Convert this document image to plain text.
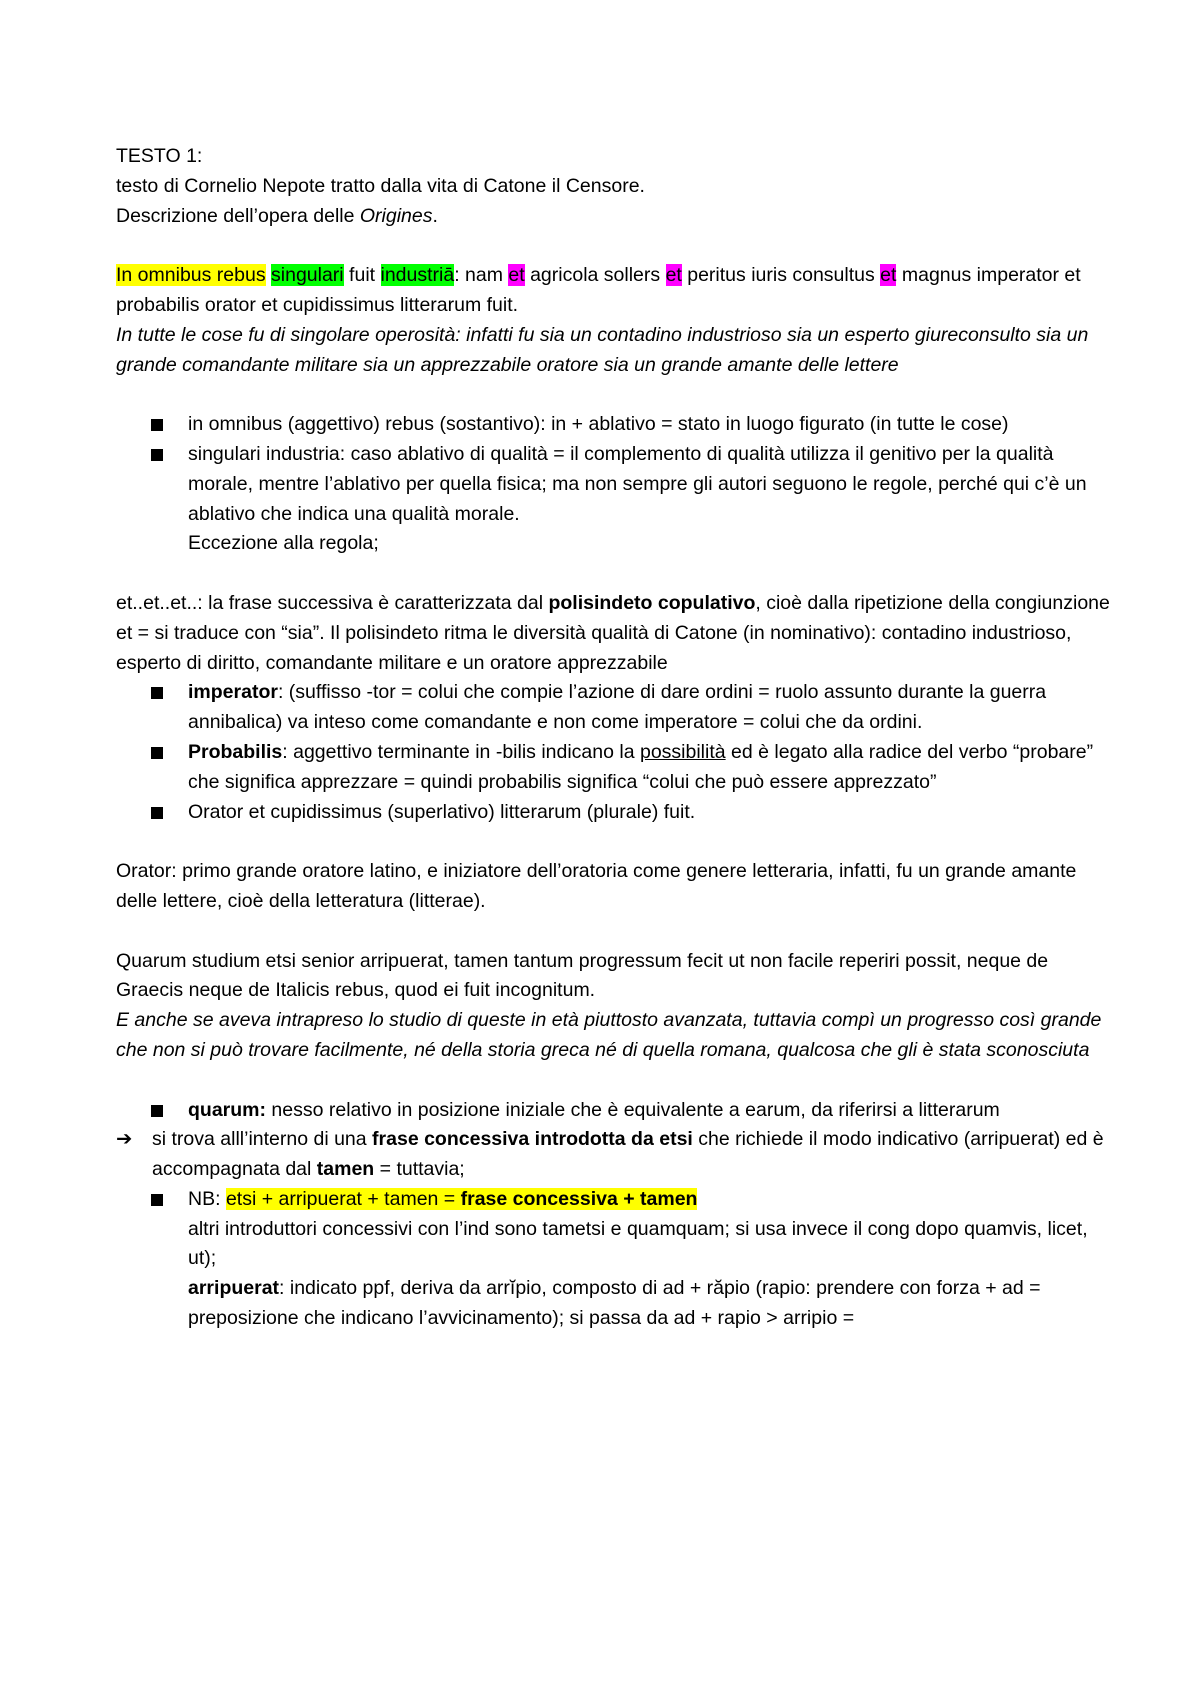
TESTO 1:

testo di Cornelio Nepote tratto dalla vita di Catone il Censore.

Descrizione dell’opera delle Origines.

In omnibus rebus singulari fuit industriā: nam et agricola sollers et peritus iuris consultus et magnus imperator et probabilis orator et cupidissimus litterarum fuit.

In tutte le cose fu di singolare operosità: infatti fu sia un contadino industrioso sia un esperto giureconsulto sia un grande comandante militare sia un apprezzabile oratore sia un grande amante delle lettere

in omnibus (aggettivo) rebus (sostantivo): in + ablativo = stato in luogo figurato (in tutte le cose)
singulari industria: caso ablativo di qualità = il complemento di qualità utilizza il genitivo per la qualità morale, mentre l’ablativo per quella fisica; ma non sempre gli autori seguono le regole, perché qui c’è un ablativo che indica una qualità morale.
Eccezione alla regola;

et..et..et..: la frase successiva è caratterizzata dal polisindeto copulativo, cioè dalla ripetizione della congiunzione et = si traduce con “sia”. Il polisindeto ritma le diversità qualità di Catone (in nominativo): contadino industrioso, esperto di diritto, comandante militare e un oratore apprezzabile

imperator: (suffisso -tor = colui che compie l’azione di dare ordini = ruolo assunto durante la guerra annibalica) va inteso come comandante e non come imperatore = colui che da ordini.
Probabilis: aggettivo terminante in -bilis indicano la possibilità ed è legato alla radice del verbo “probare” che significa apprezzare = quindi probabilis significa “colui che può essere apprezzato”
Orator et cupidissimus (superlativo) litterarum (plurale) fuit.

Orator: primo grande oratore latino, e iniziatore dell’oratoria come genere letteraria, infatti, fu un grande amante delle lettere, cioè della letteratura (litterae).

Quarum studium etsi senior arripuerat, tamen tantum progressum fecit ut non facile reperiri possit, neque de Graecis neque de Italicis rebus, quod ei fuit incognitum.

E anche se aveva intrapreso lo studio di queste in età piuttosto avanzata, tuttavia compì un progresso così grande che non si può trovare facilmente, né della storia greca né di quella romana, qualcosa che gli è stata sconosciuta

quarum: nesso relativo in posizione iniziale che è equivalente a earum, da riferirsi a litterarum
➔ si trova alll’interno di una frase concessiva introdotta da etsi che richiede il modo indicativo (arripuerat) ed è accompagnata dal tamen = tuttavia;
NB: etsi + arripuerat + tamen = frase concessiva + tamen
altri introduttori concessivi con l’ind sono tametsi e quamquam; si usa invece il cong dopo quamvis, licet, ut);
arripuerat: indicato ppf, deriva da arrĭpio, composto di ad + răpio (rapio: prendere con forza + ad = preposizione che indicano l’avvicinamento); si passa da ad + rapio > arripio =
